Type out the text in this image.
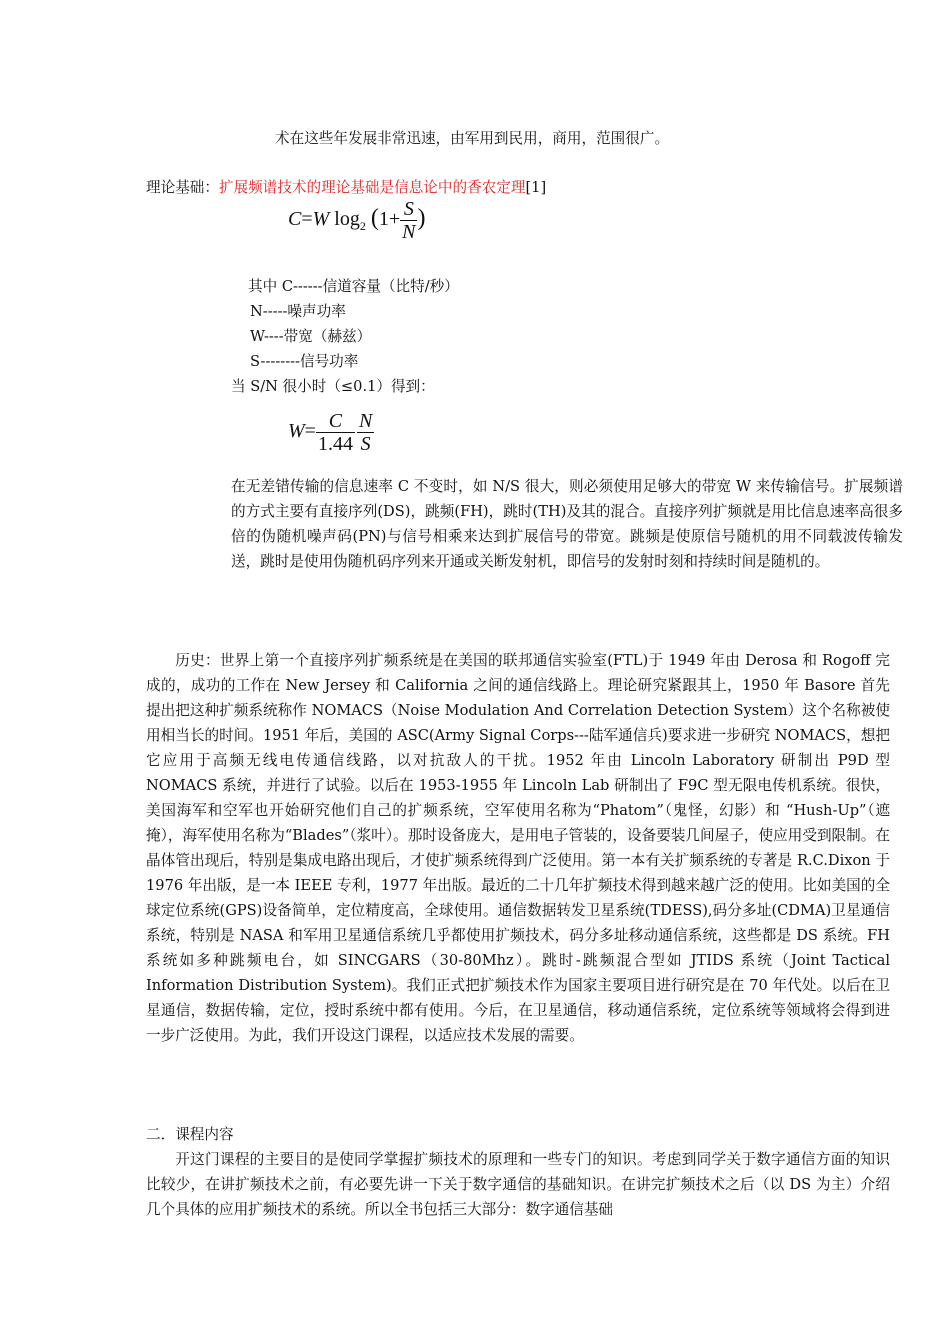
术在这些年发展非常迅速，由军用到民用，商用，范围很广。
理论基础：扩展频谱技术的理论基础是信息论中的香农定理[1]
C=W $\log_2 (1+ \frac{S}{N}$ )
其中 C------信道容量（比特/秒）
N-----噪声功率
W----带宽（赫兹）
S--------信号功率
当 S/N 很小时（≤0.1）得到：
$W= \frac{C}{1.44} \frac{N}{S}$
在无差错传输的信息速率 C 不变时，如 N/S 很大，则必须使用足够大的带宽 W 来传输信号。扩展频谱的方式主要有直接序列(DS)，跳频(FH)，跳时(TH)及其的混合。直接序列扩频就是用比信息速率高很多倍的伪随机噪声码(PN)与信号相乘来达到扩展信号的带宽。跳频是使原信号随机的用不同载波传输发送，跳时是使用伪随机码序列来开通或关断发射机，即信号的发射时刻和持续时间是随机的。
历史：世界上第一个直接序列扩频系统是在美国的联邦通信实验室(FTL)于 1949 年由 Derosa 和 Rogoff 完成的，成功的工作在 New Jersey 和 California 之间的通信线路上。理论研究紧跟其上，1950 年 Basore 首先提出把这种扩频系统称作 NOMACS（Noise Modulation And Correlation Detection System）这个名称被使用相当长的时间。1951 年后，美国的 ASC(Army Signal Corps---陆军通信兵)要求进一步研究 NOMACS，想把它应用于高频无线电传通信线路，以对抗敌人的干扰。1952 年由 Lincoln Laboratory 研制出 P9D 型 NOMACS 系统，并进行了试验。以后在 1953-1955 年 Lincoln Lab 研制出了 F9C 型无限电传机系统。很快，美国海军和空军也开始研究他们自己的扩频系统，空军使用名称为“Phatom”（鬼怪，幻影）和 “Hush-Up”（遮掩），海军使用名称为“Blades”（浆叶）。那时设备庞大，是用电子管装的，设备要装几间屋子，使应用受到限制。在晶体管出现后，特别是集成电路出现后，才使扩频系统得到广泛使用。第一本有关扩频系统的专著是 R.C.Dixon 于 1976 年出版，是一本 IEEE 专利，1977 年出版。最近的二十几年扩频技术得到越来越广泛的使用。比如美国的全球定位系统(GPS)设备简单，定位精度高，全球使用。通信数据转发卫星系统(TDESS),码分多址(CDMA)卫星通信系统，特别是 NASA 和军用卫星通信系统几乎都使用扩频技术，码分多址移动通信系统，这些都是 DS 系统。FH 系统如多种跳频电台，如 SINCGARS（30-80Mhz）。跳时-跳频混合型如 JTIDS 系统（Joint Tactical Information Distribution System)。我们正式把扩频技术作为国家主要项目进行研究是在 70 年代处。以后在卫星通信，数据传输，定位，授时系统中都有使用。今后，在卫星通信，移动通信系统，定位系统等领域将会得到进一步广泛使用。为此，我们开设这门课程，以适应技术发展的需要。
二．课程内容
开这门课程的主要目的是使同学掌握扩频技术的原理和一些专门的知识。考虑到同学关于数字通信方面的知识比较少，在讲扩频技术之前，有必要先讲一下关于数字通信的基础知识。在讲完扩频技术之后（以 DS 为主）介绍几个具体的应用扩频技术的系统。所以全书包括三大部分：数字通信基础
